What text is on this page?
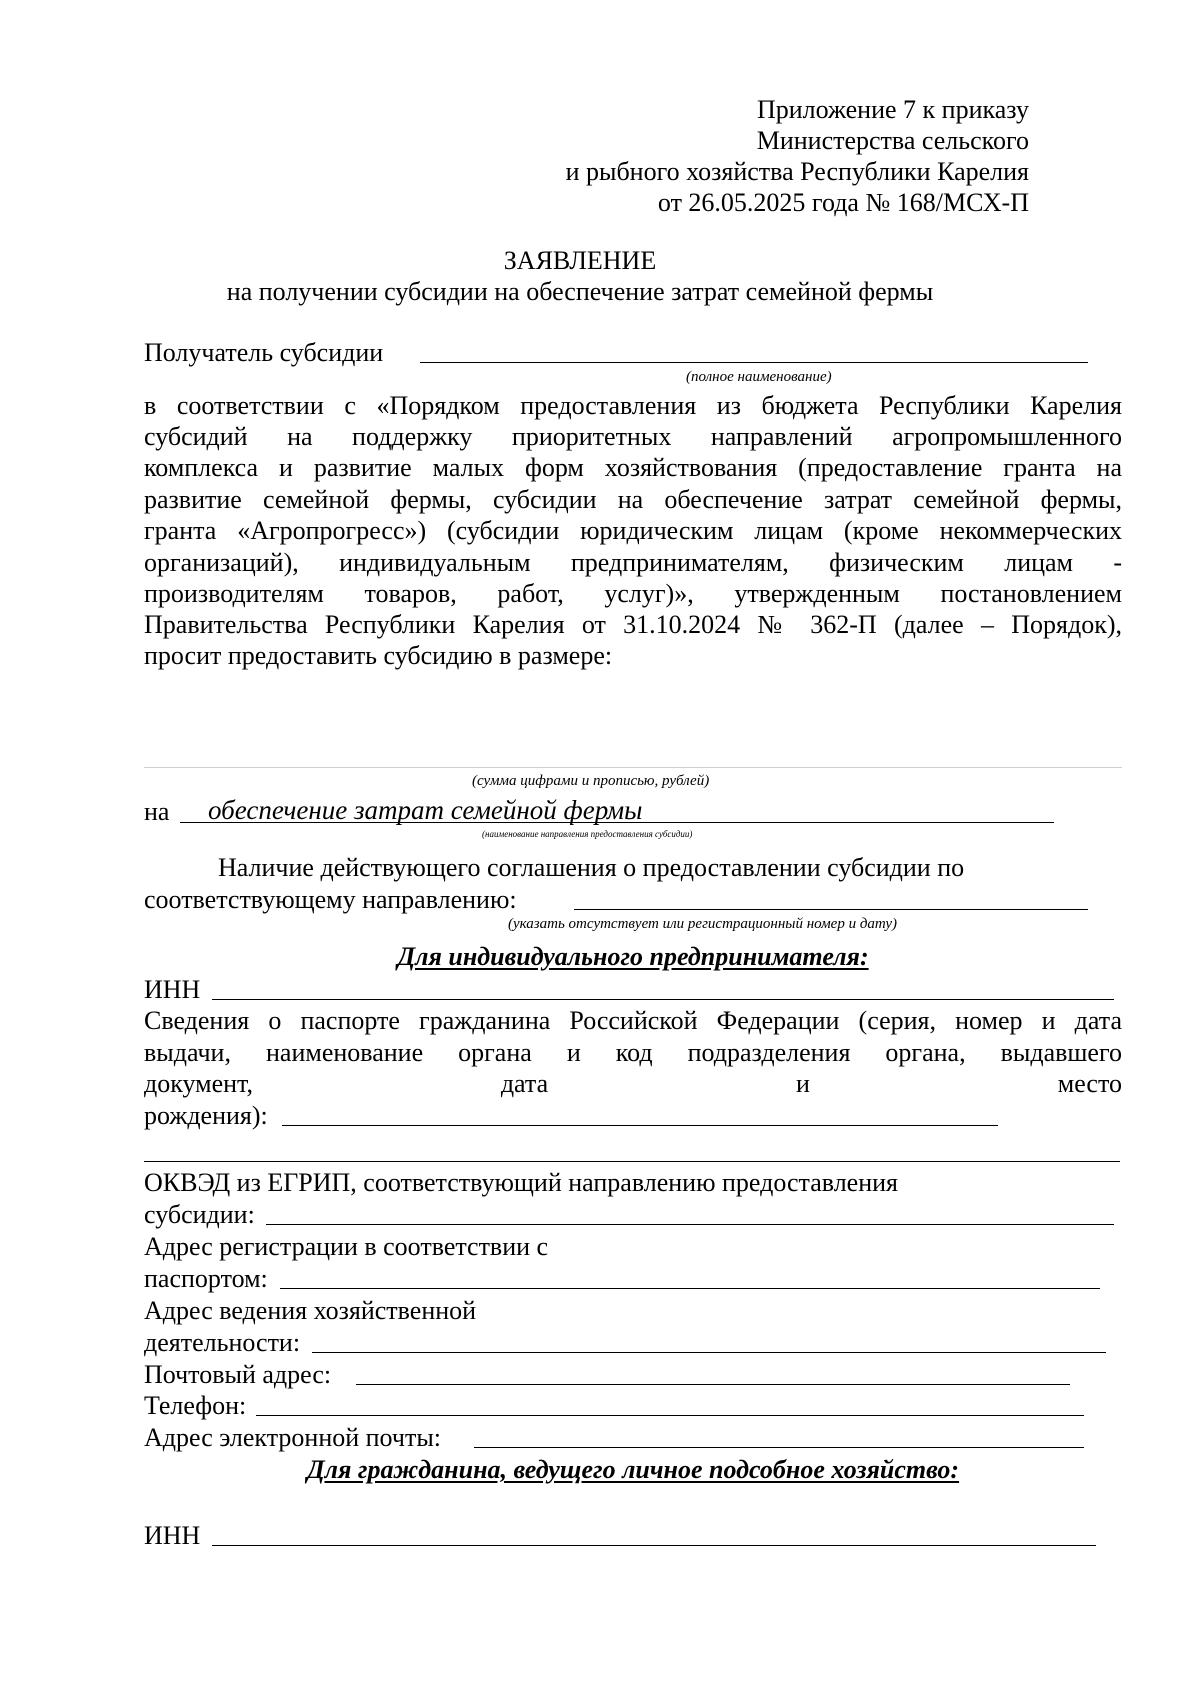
Приложение 7 к приказу
Министерства сельского
и рыбного хозяйства Республики Карелия
от 26.05.2025 года № 168/МСХ-П
ЗАЯВЛЕНИЕ
на получении субсидии на обеспечение затрат семейной фермы
Получатель субсидии
(полное наименование)
в соответствии с «Порядком предоставления из бюджета Республики Карелия
субсидий на поддержку приоритетных направлений агропромышленного
комплекса и развитие малых форм хозяйствования (предоставление гранта на
развитие семейной фермы, субсидии на обеспечение затрат семейной фермы,
гранта «Агропрогресс») (субсидии юридическим лицам (кроме некоммерческих
организаций), индивидуальным предпринимателям, физическим лицам -
производителям товаров, работ, услуг)», утвержденным постановлением
Правительства Республики Карелия от 31.10.2024 № 362-П (далее – Порядок),
просит предоставить субсидию в размере:
(сумма цифрами и прописью, рублей)
на обеспечение затрат семейной фермы
(наименование направления предоставления субсидии)
Наличие действующего соглашения о предоставлении субсидии по
соответствующему направлению:
(указать отсутствует или регистрационный номер и дату)
Для индивидуального предпринимателя:
ИНН
Сведения о паспорте гражданина Российской Федерации (серия, номер и дата
выдачи, наименование органа и код подразделения органа, выдавшего
документ, дата и место
рождения):
ОКВЭД из ЕГРИП, соответствующий направлению предоставления
субсидии:
Адрес регистрации в соответствии с
паспортом:
Адрес ведения хозяйственной
деятельности:
Почтовый адрес:
Телефон:
Адрес электронной почты:
Для гражданина, ведущего личное подсобное хозяйство:
ИНН
